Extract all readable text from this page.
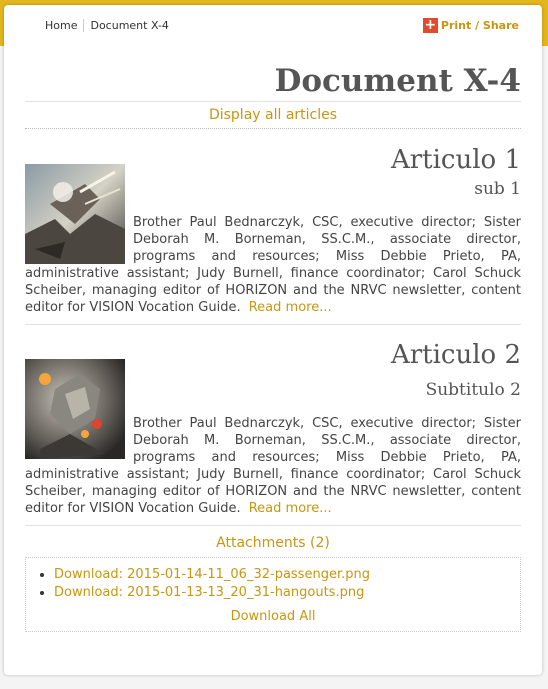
Home Document X-4	+ Print / Share
Document X-4
Display all articles
Articulo 1
sub 1

Brother Paul Bednarczyk, CSC, executive director; Sister Deborah M. Borneman, SS.C.M., associate director, programs and resources; Miss Debbie Prieto, PA, administrative assistant; Judy Burnell, finance coordinator; Carol Schuck Scheiber, managing editor of HORIZON and the NRVC newsletter, content editor for VISION Vocation Guide. Read more...

Articulo 2
Subtitulo 2

Brother Paul Bednarczyk, CSC, executive director; Sister Deborah M. Borneman, SS.C.M., associate director, programs and resources; Miss Debbie Prieto, PA, administrative assistant; Judy Burnell, finance coordinator; Carol Schuck Scheiber, managing editor of HORIZON and the NRVC newsletter, content editor for VISION Vocation Guide. Read more...

Attachments (2)
• Download: 2015-01-14-11_06_32-passenger.png
• Download: 2015-01-13-13_20_31-hangouts.png
Download All
